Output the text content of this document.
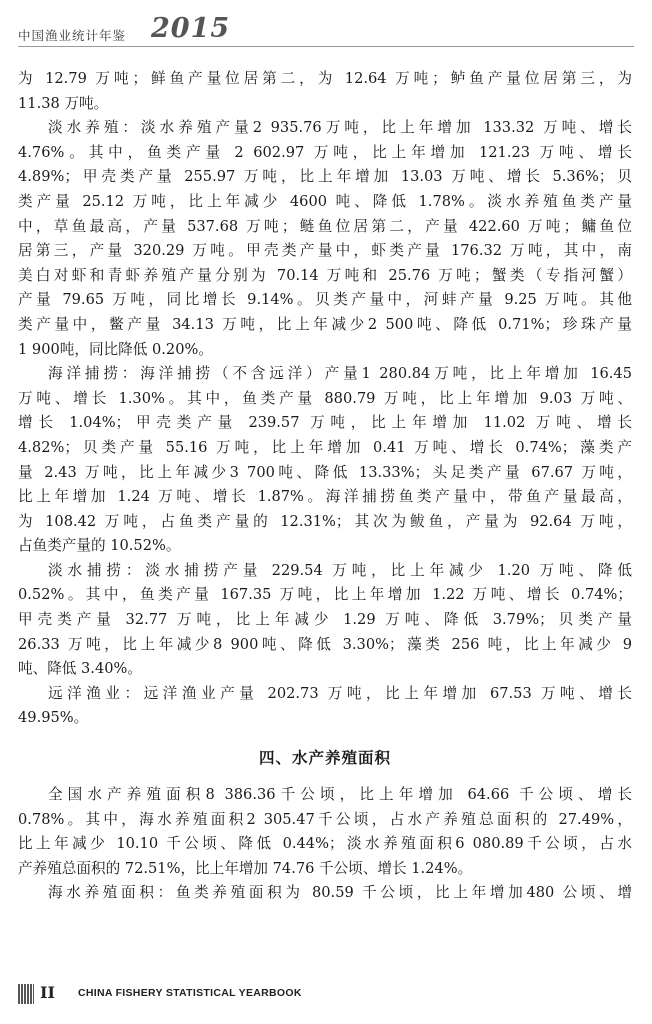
中国渔业统计年鉴 2015
为 12.79 万吨；鲜鱼产量位居第二，为 12.64 万吨；鲈鱼产量位居第三，为
11.38 万吨。
淡水养殖：淡水养殖产量2 935.76万吨，比上年增加 133.32 万吨、增长
4.76%。其中，鱼类产量 2 602.97 万吨，比上年增加 121.23 万吨、增长
4.89%；甲壳类产量 255.97 万吨，比上年增加 13.03 万吨、增长 5.36%；贝
类产量 25.12 万吨，比上年减少 4600 吨、降低 1.78%。淡水养殖鱼类产量
中，草鱼最高，产量 537.68 万吨；鲢鱼位居第二，产量 422.60 万吨；鳙鱼位
居第三，产量 320.29 万吨。甲壳类产量中，虾类产量 176.32 万吨，其中，南
美白对虾和青虾养殖产量分别为 70.14 万吨和 25.76 万吨；蟹类（专指河蟹）
产量 79.65 万吨，同比增长 9.14%。贝类产量中，河蚌产量 9.25 万吨。其他
类产量中，鳖产量 34.13 万吨，比上年减少2 500吨、降低 0.71%；珍珠产量
1 900吨，同比降低 0.20%。
海洋捕捞：海洋捕捞（不含远洋）产量1 280.84万吨，比上年增加 16.45
万吨、增长 1.30%。其中，鱼类产量 880.79 万吨，比上年增加 9.03 万吨、
增长 1.04%；甲壳类产量 239.57 万吨，比上年增加 11.02 万吨、增长
4.82%；贝类产量 55.16 万吨，比上年增加 0.41 万吨、增长 0.74%；藻类产
量 2.43 万吨，比上年减少3 700吨、降低 13.33%；头足类产量 67.67 万吨，
比上年增加 1.24 万吨、增长 1.87%。海洋捕捞鱼类产量中，带鱼产量最高，
为 108.42 万吨，占鱼类产量的 12.31%；其次为鲅鱼，产量为 92.64 万吨，
占鱼类产量的 10.52%。
淡水捕捞：淡水捕捞产量 229.54 万吨，比上年减少 1.20 万吨、降低
0.52%。其中，鱼类产量 167.35 万吨，比上年增加 1.22 万吨、增长 0.74%；
甲壳类产量 32.77 万吨，比上年减少 1.29 万吨、降低 3.79%；贝类产量
26.33 万吨，比上年减少8 900吨、降低 3.30%；藻类 256 吨，比上年减少 9
吨、降低 3.40%。
远洋渔业：远洋渔业产量 202.73 万吨，比上年增加 67.53 万吨、增长
49.95%。
四、水产养殖面积
全国水产养殖面积8 386.36千公顷，比上年增加 64.66 千公顷、增长
0.78%。其中，海水养殖面积2 305.47千公顷，占水产养殖总面积的 27.49%，
比上年减少 10.10 千公顷、降低 0.44%；淡水养殖面积6 080.89千公顷，占水
产养殖总面积的 72.51%，比上年增加 74.76 千公顷、增长 1.24%。
海水养殖面积：鱼类养殖面积为 80.59 千公顷，比上年增加480 公顷、增
II CHINA FISHERY STATISTICAL YEARBOOK
